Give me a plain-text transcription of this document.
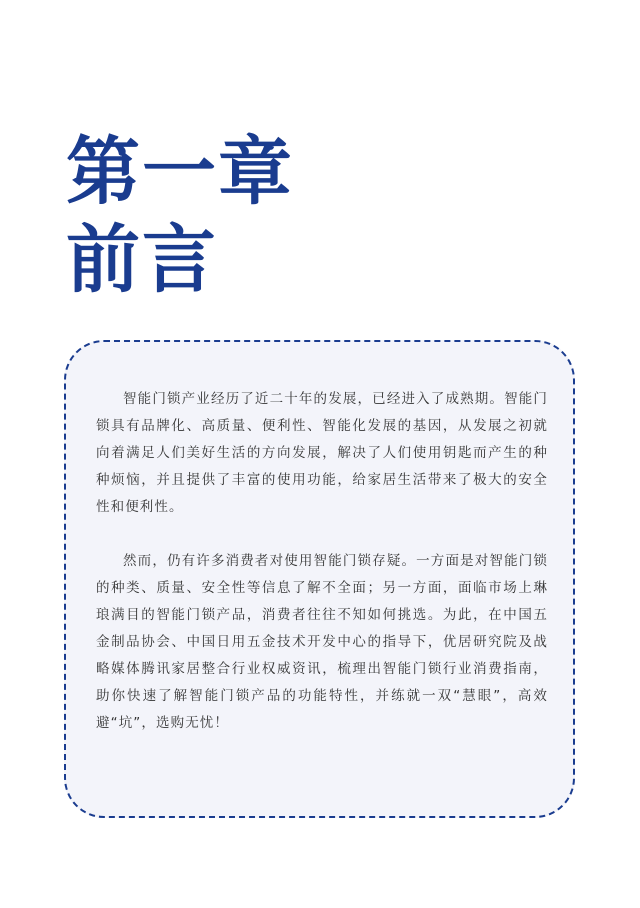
第一章
前言

智能门锁产业经历了近二十年的发展，已经进入了成熟期。智能门锁具有品牌化、高质量、便利性、智能化发展的基因，从发展之初就向着满足人们美好生活的方向发展，解决了人们使用钥匙而产生的种种烦恼，并且提供了丰富的使用功能，给家居生活带来了极大的安全性和便利性。

然而，仍有许多消费者对使用智能门锁存疑。一方面是对智能门锁的种类、质量、安全性等信息了解不全面；另一方面，面临市场上琳琅满目的智能门锁产品，消费者往往不知如何挑选。为此，在中国五金制品协会、中国日用五金技术开发中心的指导下，优居研究院及战略媒体腾讯家居整合行业权威资讯，梳理出智能门锁行业消费指南，助你快速了解智能门锁产品的功能特性，并练就一双“慧眼”，高效避“坑”，选购无忧！
